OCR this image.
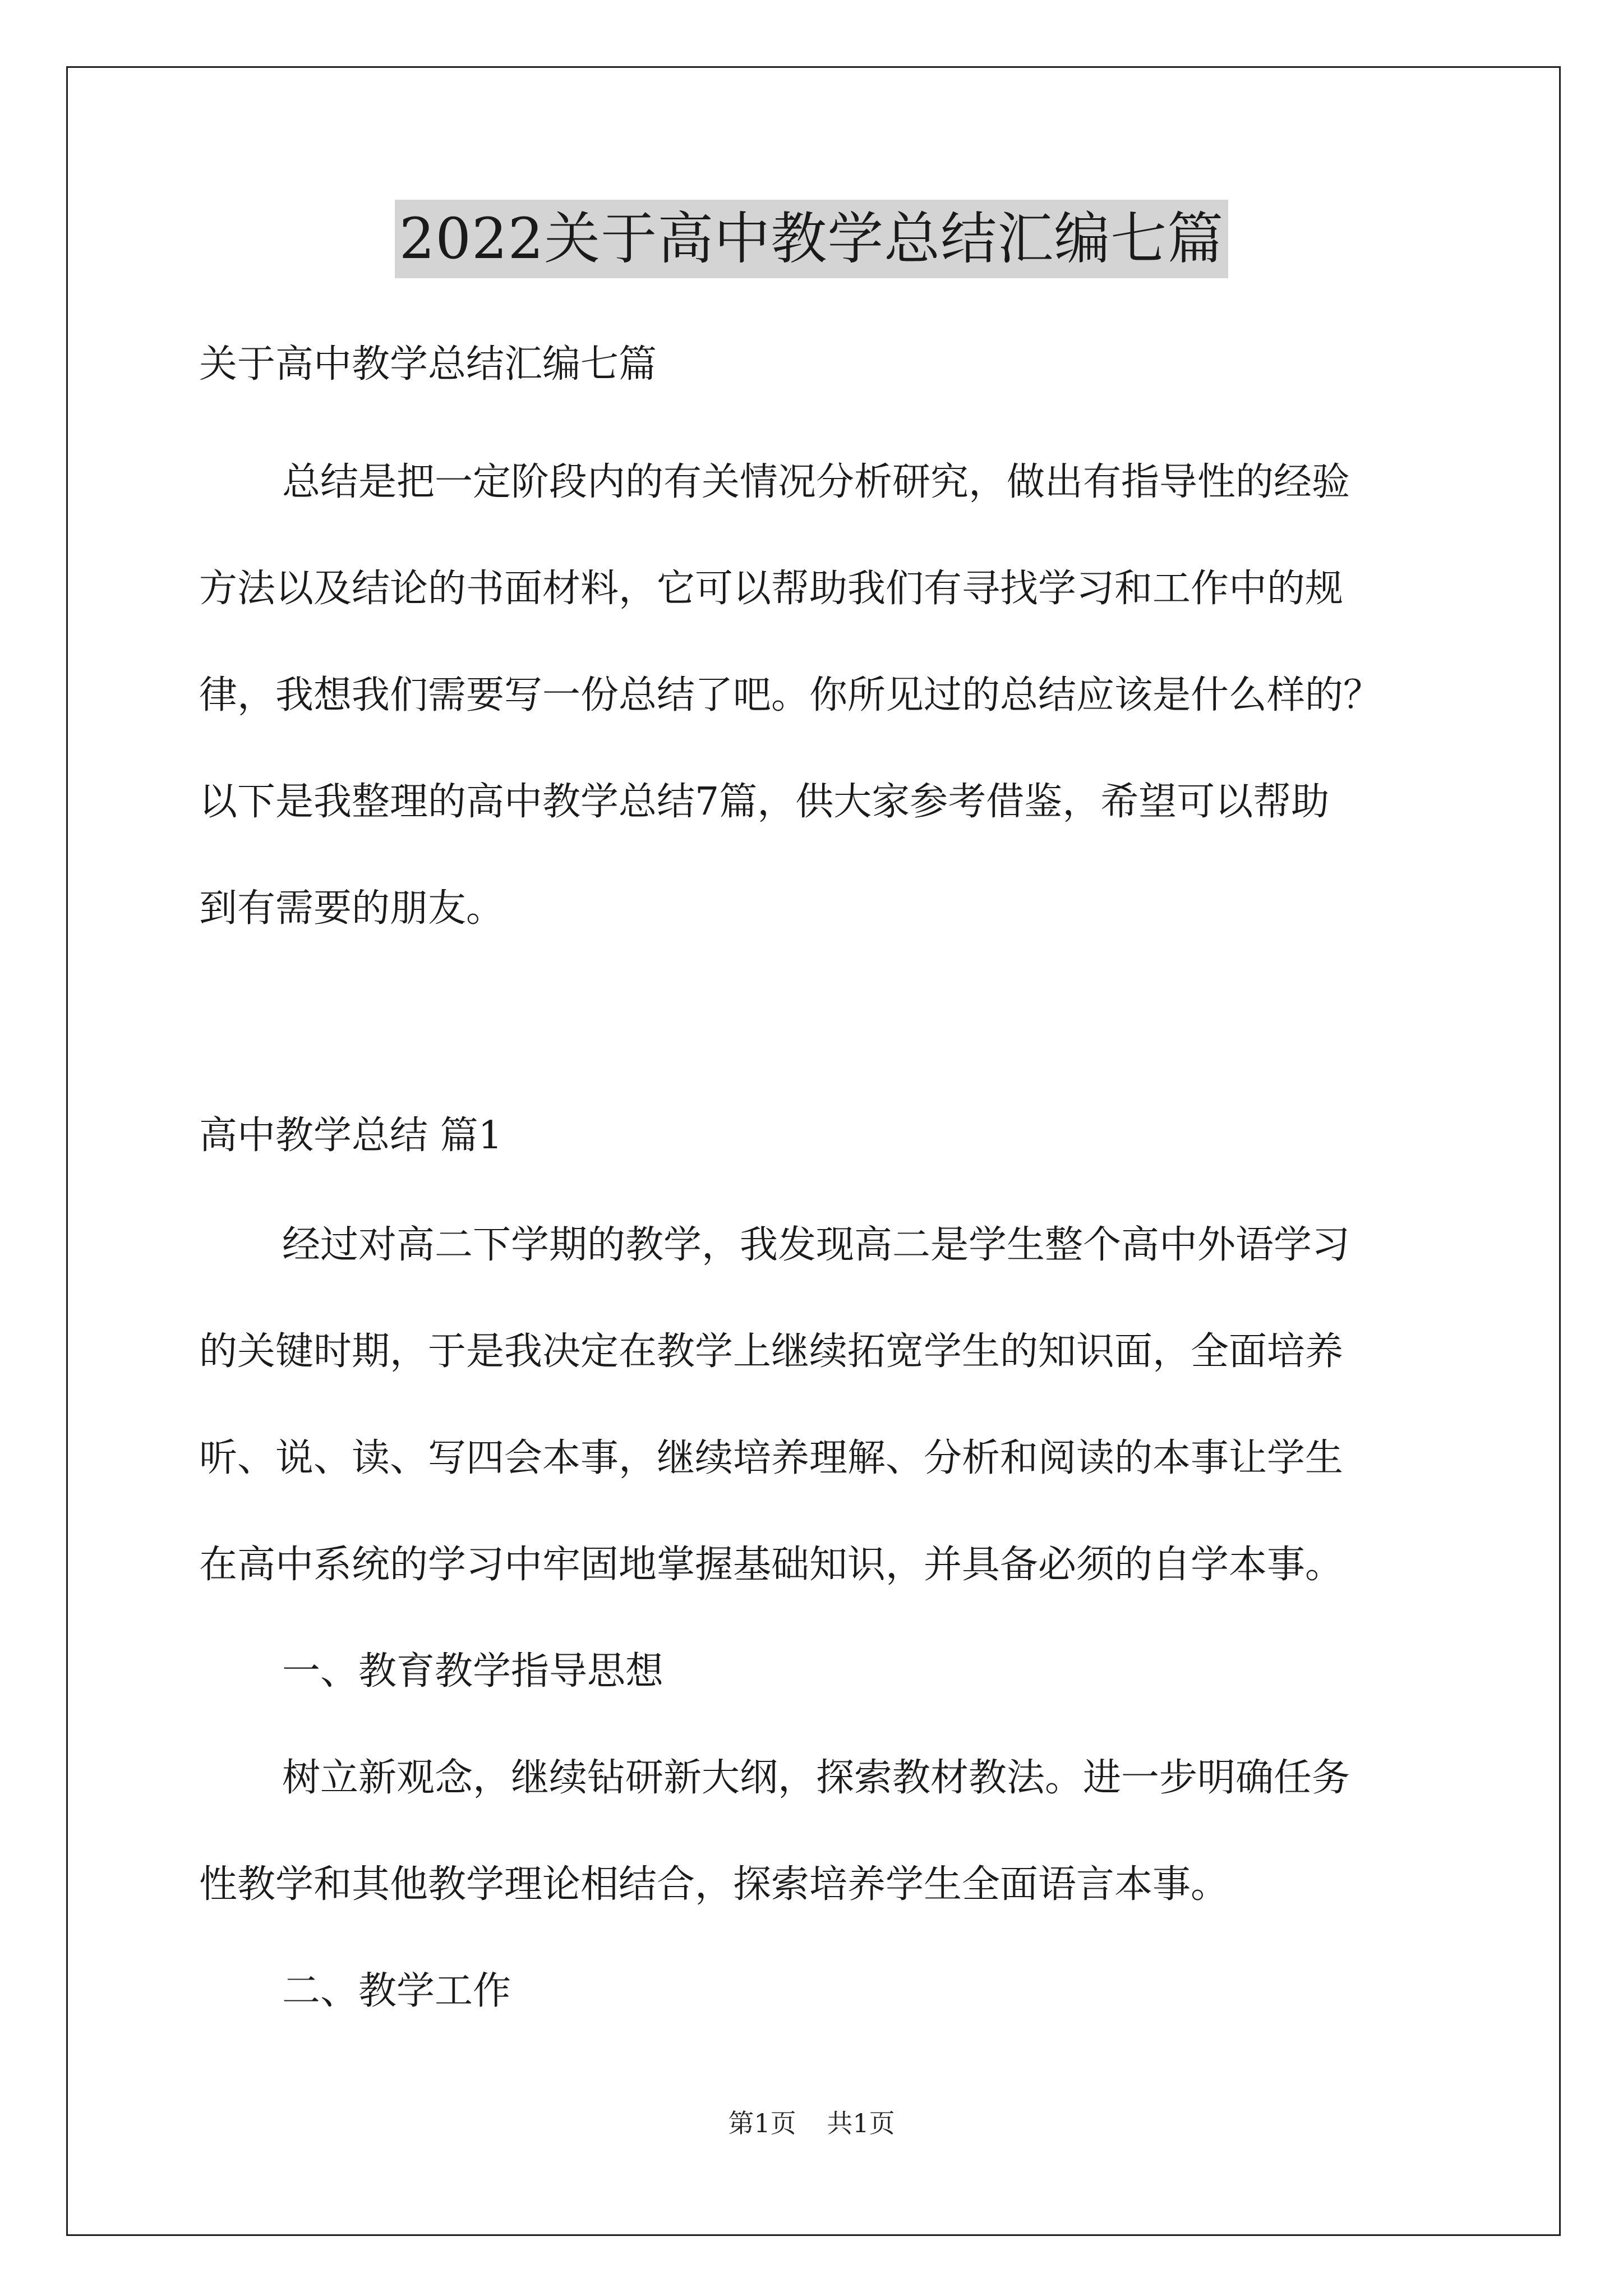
2022关于高中教学总结汇编七篇

关于高中教学总结汇编七篇

总结是把一定阶段内的有关情况分析研究，做出有指导性的经验
方法以及结论的书面材料，它可以帮助我们有寻找学习和工作中的规
律，我想我们需要写一份总结了吧。你所见过的总结应该是什么样的？
以下是我整理的高中教学总结7篇，供大家参考借鉴，希望可以帮助
到有需要的朋友。

高中教学总结 篇1

经过对高二下学期的教学，我发现高二是学生整个高中外语学习
的关键时期，于是我决定在教学上继续拓宽学生的知识面，全面培养
听、说、读、写四会本事，继续培养理解、分析和阅读的本事让学生
在高中系统的学习中牢固地掌握基础知识，并具备必须的自学本事。

一、教育教学指导思想

树立新观念，继续钻研新大纲，探索教材教法。进一步明确任务
性教学和其他教学理论相结合，探索培养学生全面语言本事。

二、教学工作

第1页 共1页
